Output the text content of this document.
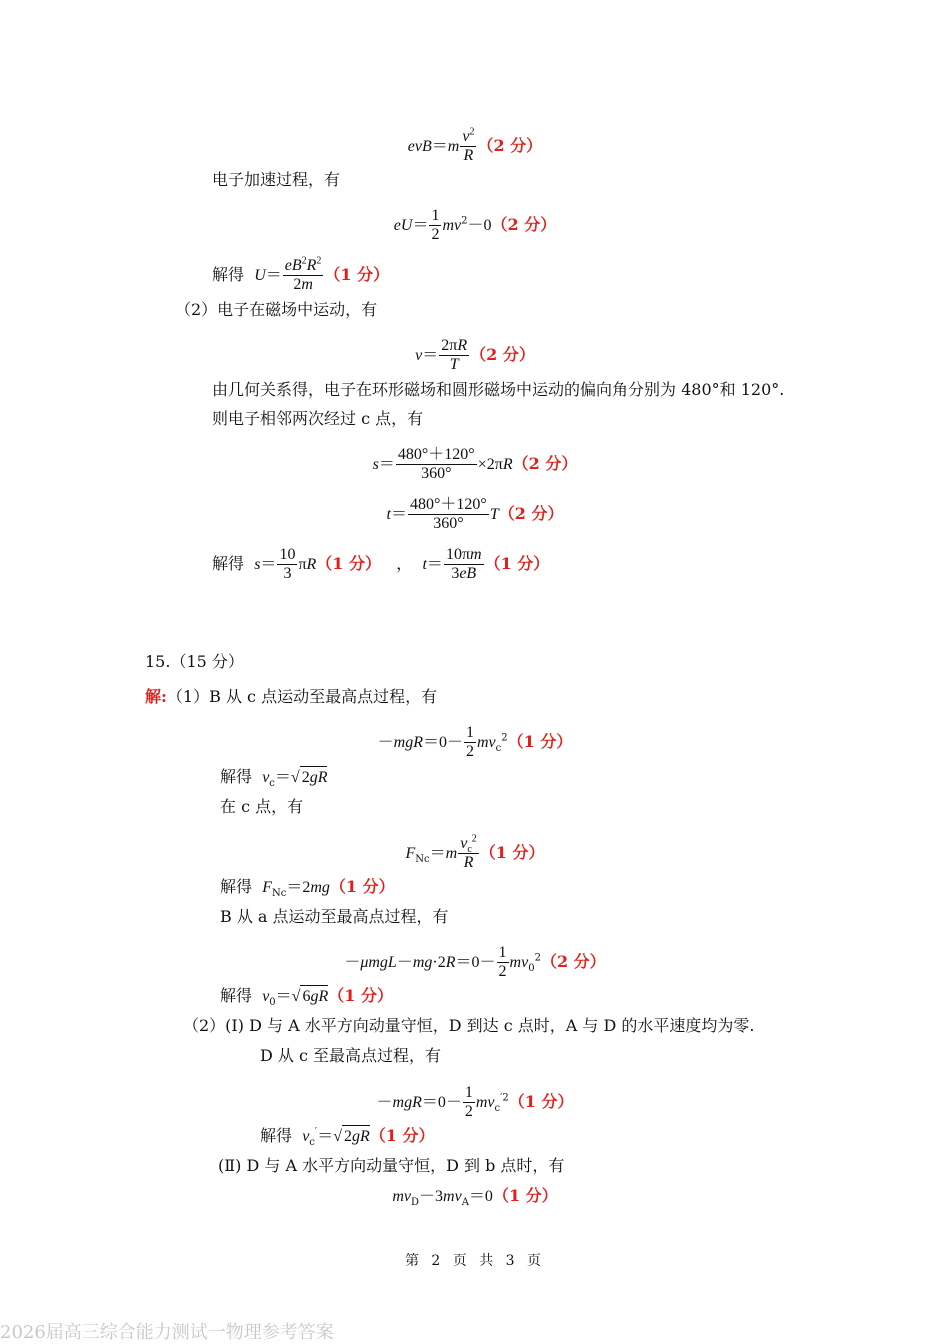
$evB=m \frac{v^2}{R} (2$ 分）
电子加速过程，有
$eU= \frac{1}{2} mv^2-0(2$ 分）
解得 $U= \frac{eB^2R^2}{2m} (1$ 分）
（2）电子在磁场中运动，有
$v= \frac{2\pi R}{T} (2$ 分）
由几何关系得，电子在环形磁场和圆形磁场中运动的偏向角分别为 480°和 120°.
则电子相邻两次经过 c 点，有
$s= \frac{480^\circ+120^\circ}{360^\circ} \times 2\pi R(2$ 分）
$t= \frac{480^\circ+120^\circ}{360^\circ} T(2$ 分）
解得 $s= \frac{10}{3} \pi R(1$ 分） ， $t= \frac{10\pi m}{3eB} (1$ 分）
15.（15 分）
解:（1）B 从 c 点运动至最高点过程，有
$-mgR=0- \frac{1}{2} mv_c^2(1$ 分）
解得 $v_c=√$ 2gR
在 c 点，有
$F_{Nc}=m \frac{v_c^2}{R} (1$ 分）
解得 $F_{Nc}=2mg(1$ 分）
B 从 a 点运动至最高点过程，有
$-\mu mgL-mg\cdot 2R=0- \frac{1}{2} mv_0^2(2$ 分）
解得 $v_0=√$ 6gR（1 分）
（2）(Ⅰ) D 与 A 水平方向动量守恒，D 到达 c 点时，A 与 D 的水平速度均为零.
D 从 c 至最高点过程，有
$-mgR=0- \frac{1}{2} mv_c^{'2}(1$ 分）
解得 $v_c'=√$ 2gR（1 分）
(Ⅱ) D 与 A 水平方向动量守恒，D 到 b 点时，有
$mv_D-3mv_A=0(1$ 分）
第 2 页 共 3 页
2026届高三综合能力测试一物理参考答案
